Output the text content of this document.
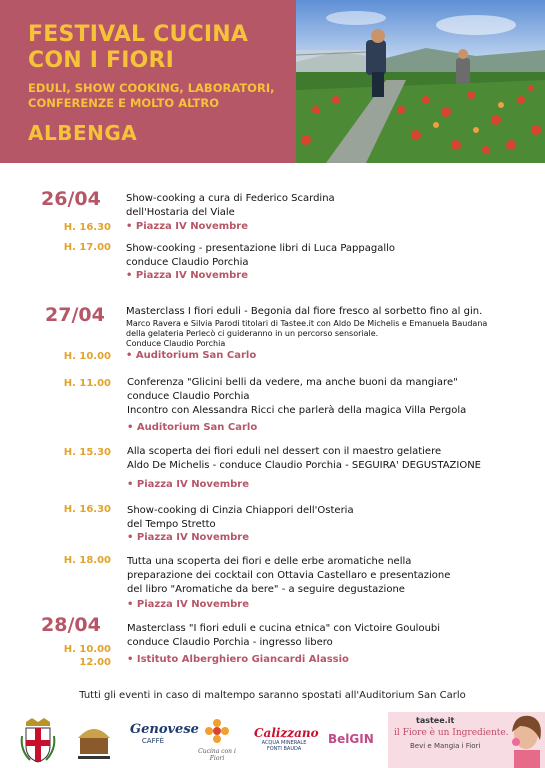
FESTIVAL CUCINA
CON I FIORI
EDULI, SHOW COOKING, LABORATORI,
CONFERENZE E MOLTO ALTRO
ALBENGA
26/04
27/04
28/04
H. 16.30
Show-cooking a cura di Federico Scardina
dell'Hostaria del Viale
• Piazza IV Novembre
H. 17.00 Show-cooking - presentazione libri di Luca Pappagallo
conduce Claudio Porchia
• Piazza IV Novembre
Masterclass I fiori eduli - Begonia dal fiore fresco al sorbetto fino al gin.
Marco Ravera e Silvia Parodi titolari di Tastee.it con Aldo De Michelis e Emanuela Baudana
della gelateria Perlecò ci guideranno in un percorso sensoriale.
Conduce Claudio Porchia
H. 10.00 • Auditorium San Carlo
H. 11.00 Conferenza "Glicini belli da vedere, ma anche buoni da mangiare"
conduce Claudio Porchia
Incontro con Alessandra Ricci che parlerà della magica Villa Pergola
• Auditorium San Carlo
H. 15.30 Alla scoperta dei fiori eduli nel dessert con il maestro gelatiere
Aldo De Michelis - conduce Claudio Porchia - SEGUIRA' DEGUSTAZIONE
• Piazza IV Novembre
H. 16.30 Show-cooking di Cinzia Chiappori dell'Osteria
del Tempo Stretto
• Piazza IV Novembre
H. 18.00 Tutta una scoperta dei fiori e delle erbe aromatiche nella
preparazione dei cocktail con Ottavia Castellaro e presentazione
del libro "Aromatiche da bere" - a seguire degustazione
• Piazza IV Novembre
H. 10.00
12.00
Masterclass "I fiori eduli e cucina etnica" con Victoire Gouloubi
conduce Claudio Porchia - ingresso libero
• Istituto Alberghiero Giancardi Alassio
Tutti gli eventi in caso di maltempo saranno spostati all'Auditorium San Carlo
Genovese
CAFFÈ
Cucina con i Fiori
Calizzano
ACQUA MINERALE FONTI BAUDA
BelGIN
tastee.it
il Fiore è un Ingrediente.
Bevi e Mangia i Fiori
